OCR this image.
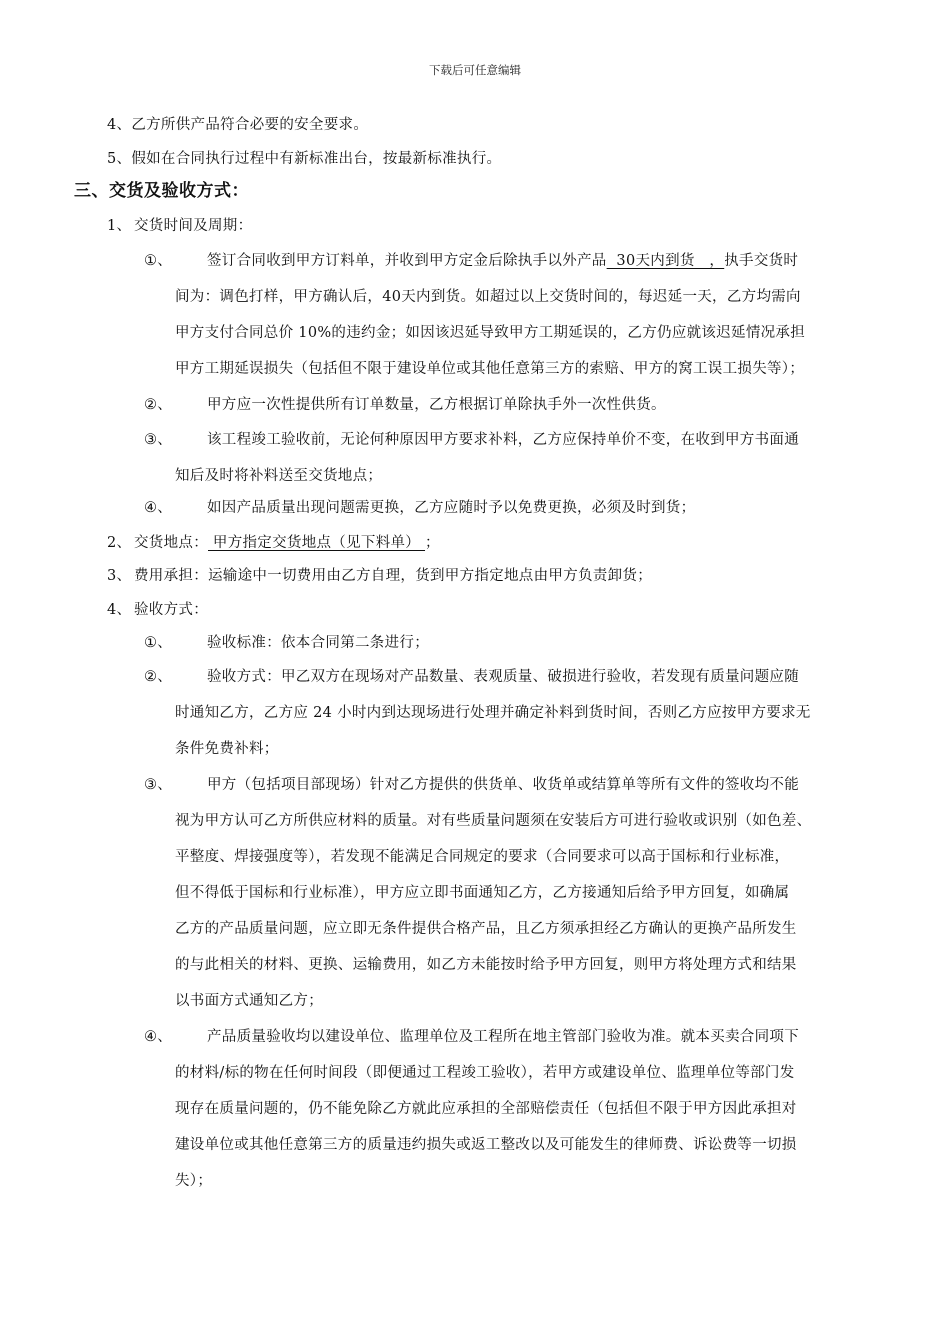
下载后可任意编辑
4、乙方所供产品符合必要的安全要求。
5、假如在合同执行过程中有新标准出台，按最新标准执行。
三、交货及验收方式：
1、 交货时间及周期：
①、 签订合同收到甲方订料单，并收到甲方定金后除执手以外产品  30天内到货   ，执手交货时
间为：调色打样，甲方确认后，40天内到货。如超过以上交货时间的，每迟延一天，乙方均需向
甲方支付合同总价 10%的违约金；如因该迟延导致甲方工期延误的，乙方仍应就该迟延情况承担
甲方工期延误损失（包括但不限于建设单位或其他任意第三方的索赔、甲方的窝工误工损失等）；
②、 甲方应一次性提供所有订单数量，乙方根据订单除执手外一次性供货。
③、 该工程竣工验收前，无论何种原因甲方要求补料，乙方应保持单价不变，在收到甲方书面通
知后及时将补料送至交货地点；
④、 如因产品质量出现问题需更换，乙方应随时予以免费更换，必须及时到货；
2、 交货地点： 甲方指定交货地点（见下料单） ；
3、 费用承担：运输途中一切费用由乙方自理，货到甲方指定地点由甲方负责卸货；
4、 验收方式：
①、 验收标准：依本合同第二条进行；
②、 验收方式：甲乙双方在现场对产品数量、表观质量、破损进行验收，若发现有质量问题应随
时通知乙方，乙方应 24 小时内到达现场进行处理并确定补料到货时间，否则乙方应按甲方要求无
条件免费补料；
③、 甲方（包括项目部现场）针对乙方提供的供货单、收货单或结算单等所有文件的签收均不能
视为甲方认可乙方所供应材料的质量。对有些质量问题须在安装后方可进行验收或识别（如色差、
平整度、焊接强度等），若发现不能满足合同规定的要求（合同要求可以高于国标和行业标准，
但不得低于国标和行业标准），甲方应立即书面通知乙方，乙方接通知后给予甲方回复，如确属
乙方的产品质量问题，应立即无条件提供合格产品，且乙方须承担经乙方确认的更换产品所发生
的与此相关的材料、更换、运输费用，如乙方未能按时给予甲方回复，则甲方将处理方式和结果
以书面方式通知乙方；
④、 产品质量验收均以建设单位、监理单位及工程所在地主管部门验收为准。就本买卖合同项下
的材料/标的物在任何时间段（即便通过工程竣工验收），若甲方或建设单位、监理单位等部门发
现存在质量问题的，仍不能免除乙方就此应承担的全部赔偿责任（包括但不限于甲方因此承担对
建设单位或其他任意第三方的质量违约损失或返工整改以及可能发生的律师费、诉讼费等一切损
失）；
